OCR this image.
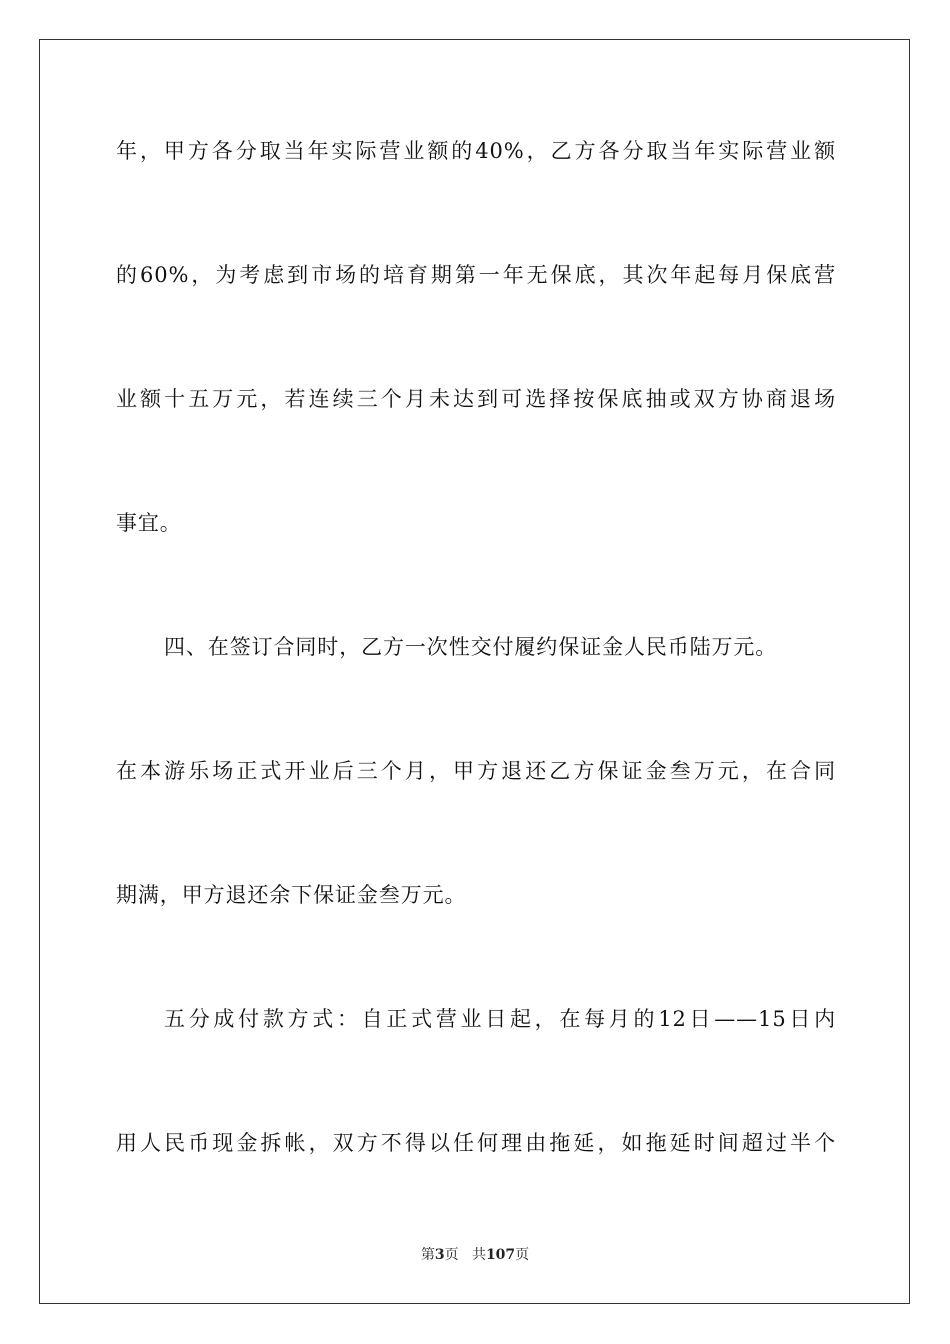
年，甲方各分取当年实际营业额的40%，乙方各分取当年实际营业额
的60%，为考虑到市场的培育期第一年无保底，其次年起每月保底营
业额十五万元，若连续三个月未达到可选择按保底抽或双方协商退场
事宜。
四、在签订合同时，乙方一次性交付履约保证金人民币陆万元。
在本游乐场正式开业后三个月，甲方退还乙方保证金叁万元，在合同
期满，甲方退还余下保证金叁万元。
五分成付款方式：自正式营业日起，在每月的12日——15日内
用人民币现金拆帐，双方不得以任何理由拖延，如拖延时间超过半个
第3页 共107页
